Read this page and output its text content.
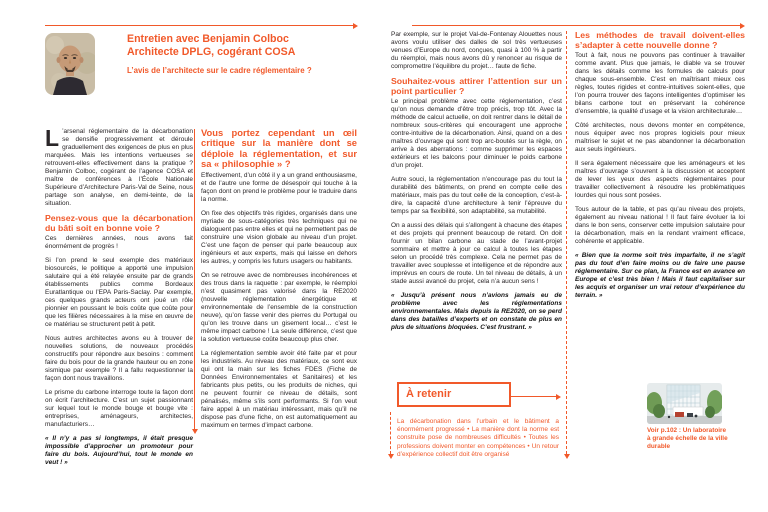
Entretien avec Benjamin Colboc
Architecte DPLG, cogérant COSA
L’avis de l’architecte sur le cadre réglementaire ?

L ’arsenal réglementaire de la décarbonation se densifie progressivement et déroule graduellement des exigences de plus en plus marquées. Mais les intentions vertueuses se retrouvent-elles effectivement dans la pratique ? Benjamin Colboc, cogérant de l’agence COSA et maître de conférences à l’École Nationale Supérieure d’Architecture Paris-Val de Seine, nous partage son analyse, en demi-teinte, de la situation.

Pensez-vous que la décarbonation du bâti soit en bonne voie ?

Ces dernières années, nous avons fait énormément de progrès !

Si l’on prend le seul exemple des matériaux biosourcés, le politique a apporté une impulsion salutaire qui a été relayée ensuite par de grands établissements publics comme Bordeaux Euratlantique ou l’EPA Paris-Saclay. Par exemple, ces quelques grands acteurs ont joué un rôle pionnier en poussant le bois coûte que coûte pour que les filières nécessaires à la mise en œuvre de ce matériau se structurent petit à petit.

Nous autres architectes avons eu à trouver de nouvelles solutions, de nouveaux procédés constructifs pour répondre aux besoins : comment faire du bois pour de la grande hauteur ou en zone sismique par exemple ? Il a fallu requestionner la façon dont nous travaillons.

Le prisme du carbone interroge toute la façon dont on écrit l’architecture. C’est un sujet passionnant sur lequel tout le monde bouge et bouge vite : entreprises, aménageurs, architectes, manufacturiers…

« Il n’y a pas si longtemps, il était presque impossible d’approcher un promoteur pour faire du bois. Aujourd’hui, tout le monde en veut ! »

Vous portez cependant un œil critique sur la manière dont se déploie la réglementation, et sur sa « philosophie » ?

Effectivement, d’un côté il y a un grand enthousiasme, et de l’autre une forme de désespoir qui touche à la façon dont on prend le problème pour le traduire dans la norme.

On fixe des objectifs très rigides, organisés dans une myriade de sous-catégories très techniques qui ne dialoguent pas entre elles et qui ne permettent pas de construire une vision globale au niveau d’un projet. C’est une façon de penser qui parle beaucoup aux ingénieurs et aux experts, mais qui laisse en dehors les autres, y compris les futurs usagers ou habitants.

On se retrouve avec de nombreuses incohérences et des trous dans la raquette : par exemple, le réemploi n’est quasiment pas valorisé dans la RE2020 (nouvelle réglementation énergétique et environnementale de l’ensemble de la construction neuve), qu’on fasse venir des pierres du Portugal ou qu’on les trouve dans un gisement local… c’est le même impact carbone ! La seule différence, c’est que la solution vertueuse coûte beaucoup plus cher.

La réglementation semble avoir été faite par et pour les industriels. Au niveau des matériaux, ce sont eux qui ont la main sur les fiches FDES (Fiche de Données Environnementales et Sanitaires) et les fabricants plus petits, ou les produits de niches, qui ne peuvent fournir ce niveau de détails, sont pénalisés, même s’ils sont performants. Si l’on veut faire appel à un matériau intéressant, mais qu’il ne dispose pas d’une fiche, on est automatiquement au maximum en termes d’impact carbone.

Par exemple, sur le projet Val-de-Fontenay Alouettes nous avons voulu utiliser des dalles de sol très vertueuses venues d’Europe du nord, conçues, quasi à 100 % à partir du réemploi, mais nous avons dû y renoncer au risque de compromettre l’équilibre du projet… faute de fiche.

Souhaitez-vous attirer l’attention sur un point particulier ?

Le principal problème avec cette réglementation, c’est qu’on nous demande d’être trop précis, trop tôt. Avec la méthode de calcul actuelle, on doit rentrer dans le détail de nombreux sous-critères qui encouragent une approche contre-intuitive de la décarbonation. Ainsi, quand on a des maîtres d’ouvrage qui sont trop arc-boutés sur la règle, on arrive à des aberrations : comme supprimer les espaces extérieurs et les balcons pour diminuer le poids carbone d’un projet.

Autre souci, la réglementation n’encourage pas du tout la durabilité des bâtiments, on prend en compte celle des matériaux, mais pas du tout celle de la conception, c’est-à-dire, la capacité d’une architecture à tenir l’épreuve du temps par sa flexibilité, son adaptabilité, sa mutabilité.

On a aussi des délais qui s’allongent à chacune des étapes et des projets qui prennent beaucoup de retard. On doit fournir un bilan carbone au stade de l’avant-projet sommaire et mettre à jour ce calcul à toutes les étapes selon un procédé très complexe. Cela ne permet pas de travailler avec souplesse et intelligence et de répondre aux imprévus en cours de route. Un tel niveau de détails, à un stade aussi avancé du projet, cela n’a aucun sens !

« Jusqu’à présent nous n’avions jamais eu de problème avec les réglementations environnementales. Mais depuis la RE2020, on se perd dans des batailles d’experts et on constate de plus en plus de situations bloquées. C’est frustrant. »

Les méthodes de travail doivent-elles s’adapter à cette nouvelle donne ?

Tout à fait, nous ne pouvons pas continuer à travailler comme avant. Plus que jamais, le diable va se trouver dans les détails comme les formules de calculs pour chaque sous-ensemble. C’est en maîtrisant mieux ces règles, toutes rigides et contre-intuitives soient-elles, que l’on pourra trouver des façons intelligentes d’optimiser les bilans carbone tout en préservant la cohérence d’ensemble, la qualité d’usage et la vision architecturale…

Côté architectes, nous devons monter en compétence, nous équiper avec nos propres logiciels pour mieux maîtriser le sujet et ne pas abandonner la décarbonation aux seuls ingénieurs.

Il sera également nécessaire que les aménageurs et les maîtres d’ouvrage s’ouvrent à la discussion et acceptent de lever les yeux des aspects réglementaires pour travailler collectivement à résoudre les problématiques lourdes qui nous sont posées.

Tous autour de la table, et pas qu’au niveau des projets, également au niveau national ! Il faut faire évoluer la loi dans le bon sens, conserver cette impulsion salutaire pour la décarbonation, mais en la rendant vraiment efficace, cohérente et applicable.

« Bien que la norme soit très imparfaite, il ne s’agit pas du tout d’en faire moins ou de faire une pause réglementaire. Sur ce plan, la France est en avance en Europe et c’est très bien ! Mais il faut capitaliser sur les acquis et organiser un vrai retour d’expérience du terrain. »

À retenir
La décarbonation dans l’urbain et le bâtiment a énormément progressé • La manière dont la norme est construite pose de nombreuses difficultés • Toutes les professions doivent monter en compétences • Un retour d’expérience collectif doit être organisé
Voir p.102 : Un laboratoire à grande échelle de la ville durable
